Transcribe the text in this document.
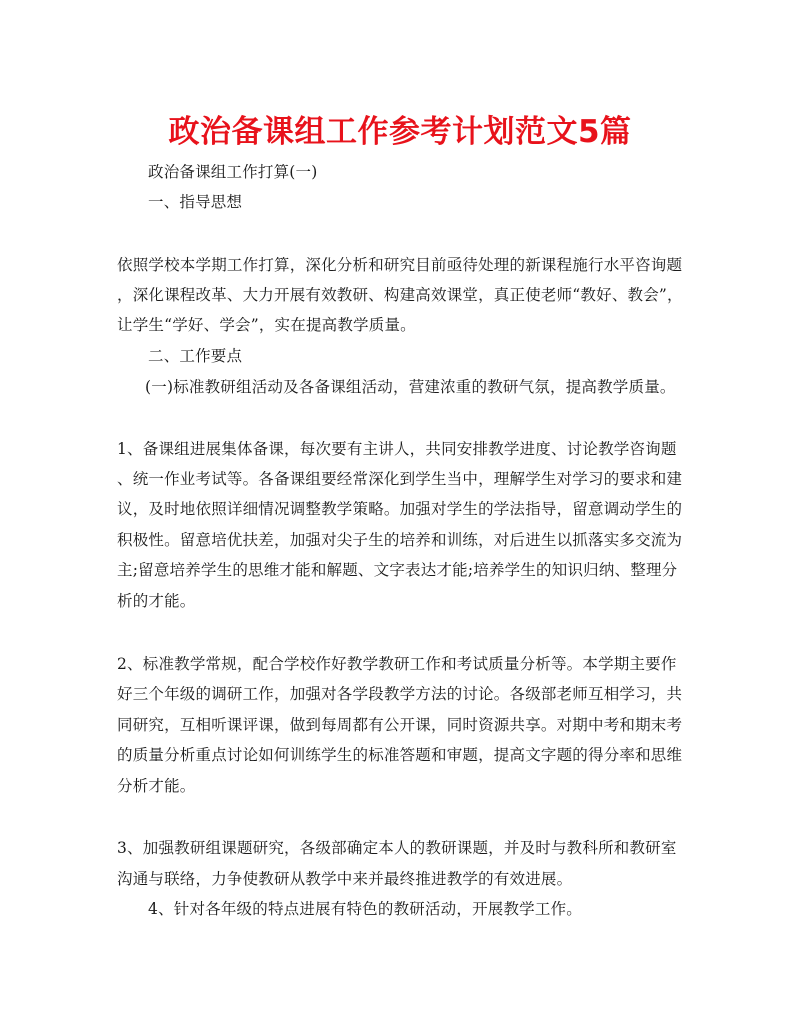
政治备课组工作参考计划范文5篇
政治备课组工作打算(一)
一、指导思想
依照学校本学期工作打算，深化分析和研究目前亟待处理的新课程施行水平咨询题
，深化课程改革、大力开展有效教研、构建高效课堂，真正使老师“教好、教会”，
让学生“学好、学会”，实在提高教学质量。
二、工作要点
(一)标准教研组活动及各备课组活动，营建浓重的教研气氛，提高教学质量。
1、备课组进展集体备课，每次要有主讲人，共同安排教学进度、讨论教学咨询题
、统一作业考试等。各备课组要经常深化到学生当中，理解学生对学习的要求和建
议，及时地依照详细情况调整教学策略。加强对学生的学法指导，留意调动学生的
积极性。留意培优扶差，加强对尖子生的培养和训练，对后进生以抓落实多交流为
主;留意培养学生的思维才能和解题、文字表达才能;培养学生的知识归纳、整理分
析的才能。
2、标准教学常规，配合学校作好教学教研工作和考试质量分析等。本学期主要作
好三个年级的调研工作，加强对各学段教学方法的讨论。各级部老师互相学习，共
同研究，互相听课评课，做到每周都有公开课，同时资源共享。对期中考和期末考
的质量分析重点讨论如何训练学生的标准答题和审题，提高文字题的得分率和思维
分析才能。
3、加强教研组课题研究，各级部确定本人的教研课题，并及时与教科所和教研室
沟通与联络，力争使教研从教学中来并最终推进教学的有效进展。
4、针对各年级的特点进展有特色的教研活动，开展教学工作。
